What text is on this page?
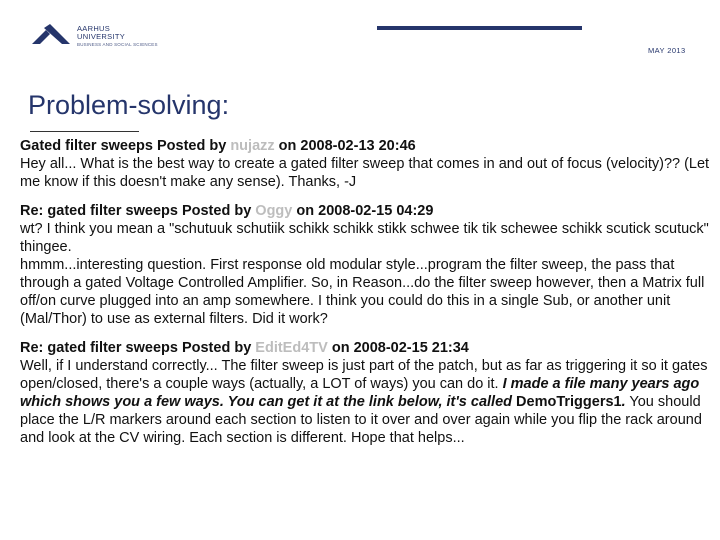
AARHUS
UNIVERSITY
BUSINESS AND SOCIAL SCIENCES
MAY 2013
Problem-solving:

Gated filter sweeps Posted by nujazz on 2008-02-13 20:46

Hey all... What is the best way to create a gated filter sweep that comes in and out of focus (velocity)?? (Let me know if this doesn't make any sense). Thanks, -J

Re: gated filter sweeps Posted by Oggy on 2008-02-15 04:29

wt? I think you mean a "schutuuk schutiik schikk schikk stikk schwee tik tik schewee schikk scutick scutuck" thingee.

hmmm...interesting question. First response old modular style...program the filter sweep, the pass that through a gated Voltage Controlled Amplifier. So, in Reason...do the filter sweep however, then a Matrix full off/on curve plugged into an amp somewhere. I think you could do this in a single Sub, or another unit (Mal/Thor) to use as external filters. Did it work?

Re: gated filter sweeps Posted by EditEd4TV on 2008-02-15 21:34

Well, if I understand correctly... The filter sweep is just part of the patch, but as far as triggering it so it gates open/closed, there's a couple ways (actually, a LOT of ways) you can do it. I made a file many years ago which shows you a few ways. You can get it at the link below, it's called DemoTriggers1. You should place the L/R markers around each section to listen to it over and over again while you flip the rack around and look at the CV wiring. Each section is different. Hope that helps...
